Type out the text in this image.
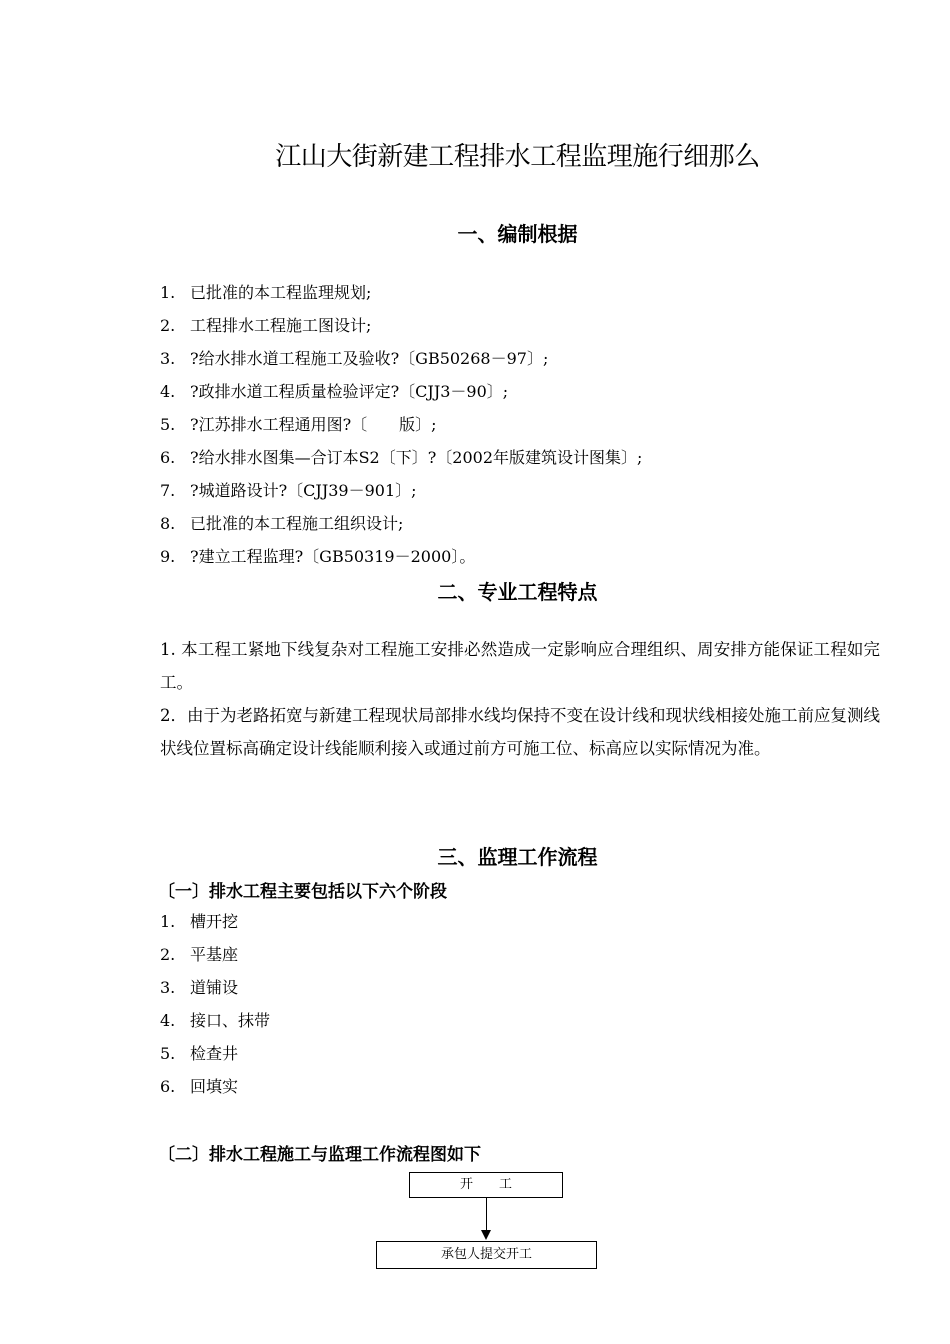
江山大街新建工程排水工程监理施行细那么
一、编制根据
1. 已批准的本工程监理规划;
2. 工程排水工程施工图设计;
3. ?给水排水道工程施工及验收?〔GB50268－97〕;
4. ?政排水道工程质量检验评定?〔CJJ3－90〕;
5. ?江苏排水工程通用图?〔　　版〕;
6. ?给水排水图集—合订本S2〔下〕?〔2002年版建筑设计图集〕;
7. ?城道路设计?〔CJJ39－901〕;
8. 已批准的本工程施工组织设计;
9. ?建立工程监理?〔GB50319－2000〕。
二、专业工程特点
1. 本工程工紧地下线复杂对工程施工安排必然造成一定影响应合理组织、周安排方能保证工程如完工。
2．由于为老路拓宽与新建工程现状局部排水线均保持不变在设计线和现状线相接处施工前应复测线状线位置标高确定设计线能顺利接入或通过前方可施工位、标高应以实际情况为准。
三、监理工作流程
〔一〕排水工程主要包括以下六个阶段
1. 槽开挖
2. 平基座
3. 道铺设
4. 接口、抹带
5. 检查井
6. 回填实
〔二〕排水工程施工与监理工作流程图如下
开　　工
承包人提交开工
